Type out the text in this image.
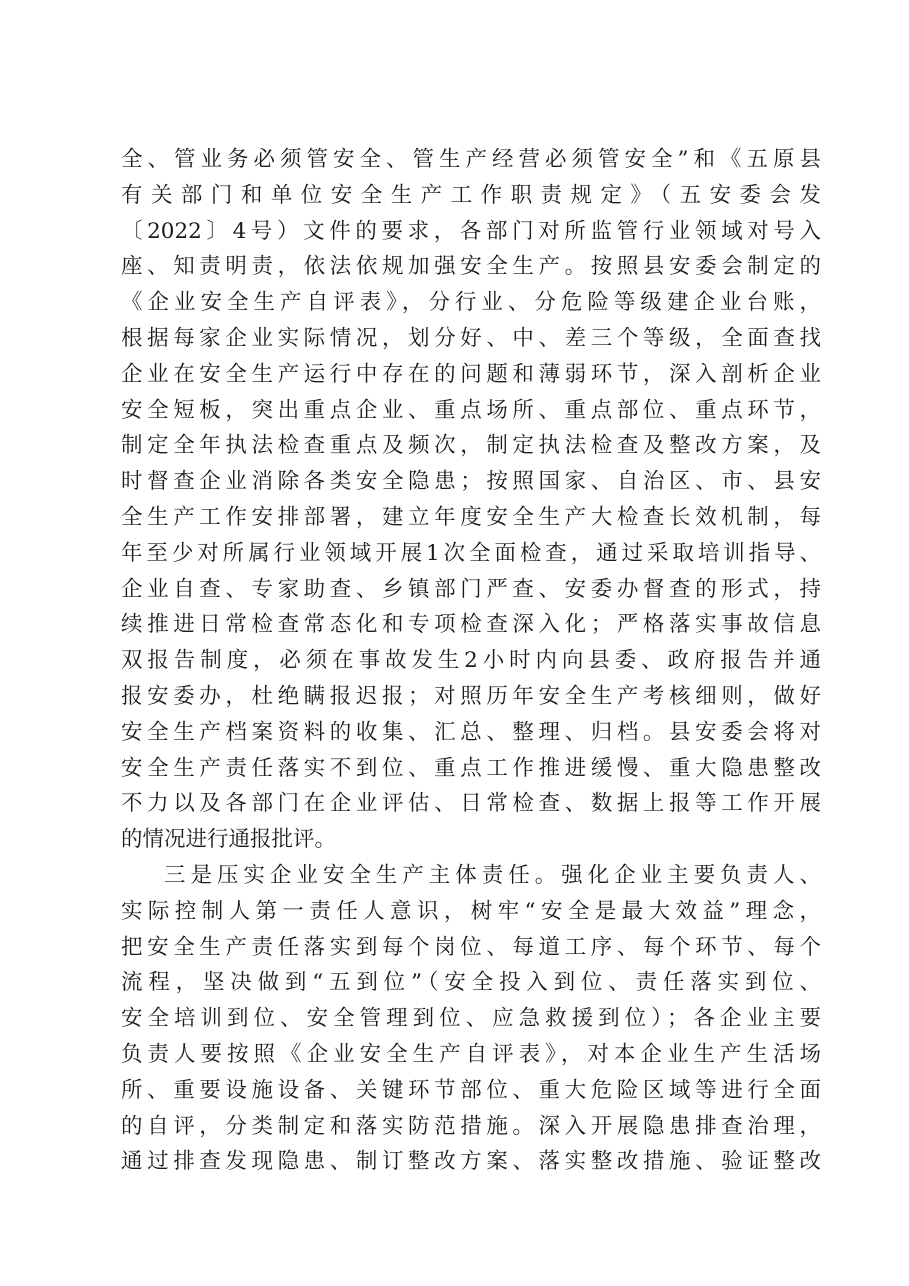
全、管业务必须管安全、管生产经营必须管安全”和《五原县
有关部门和单位安全生产工作职责规定》（五安委会发
〔2022〕4号）文件的要求，各部门对所监管行业领域对号入
座、知责明责，依法依规加强安全生产。按照县安委会制定的
《企业安全生产自评表》，分行业、分危险等级建企业台账，
根据每家企业实际情况，划分好、中、差三个等级，全面查找
企业在安全生产运行中存在的问题和薄弱环节，深入剖析企业
安全短板，突出重点企业、重点场所、重点部位、重点环节，
制定全年执法检查重点及频次，制定执法检查及整改方案，及
时督查企业消除各类安全隐患；按照国家、自治区、市、县安
全生产工作安排部署，建立年度安全生产大检查长效机制，每
年至少对所属行业领域开展1次全面检查，通过采取培训指导、
企业自查、专家助查、乡镇部门严查、安委办督查的形式，持
续推进日常检查常态化和专项检查深入化；严格落实事故信息
双报告制度，必须在事故发生2小时内向县委、政府报告并通
报安委办，杜绝瞒报迟报；对照历年安全生产考核细则，做好
安全生产档案资料的收集、汇总、整理、归档。县安委会将对
安全生产责任落实不到位、重点工作推进缓慢、重大隐患整改
不力以及各部门在企业评估、日常检查、数据上报等工作开展
的情况进行通报批评。
三是压实企业安全生产主体责任。强化企业主要负责人、
实际控制人第一责任人意识，树牢“安全是最大效益”理念，
把安全生产责任落实到每个岗位、每道工序、每个环节、每个
流程，坚决做到“五到位”（安全投入到位、责任落实到位、
安全培训到位、安全管理到位、应急救援到位）；各企业主要
负责人要按照《企业安全生产自评表》，对本企业生产生活场
所、重要设施设备、关键环节部位、重大危险区域等进行全面
的自评，分类制定和落实防范措施。深入开展隐患排查治理，
通过排查发现隐患、制订整改方案、落实整改措施、验证整改
